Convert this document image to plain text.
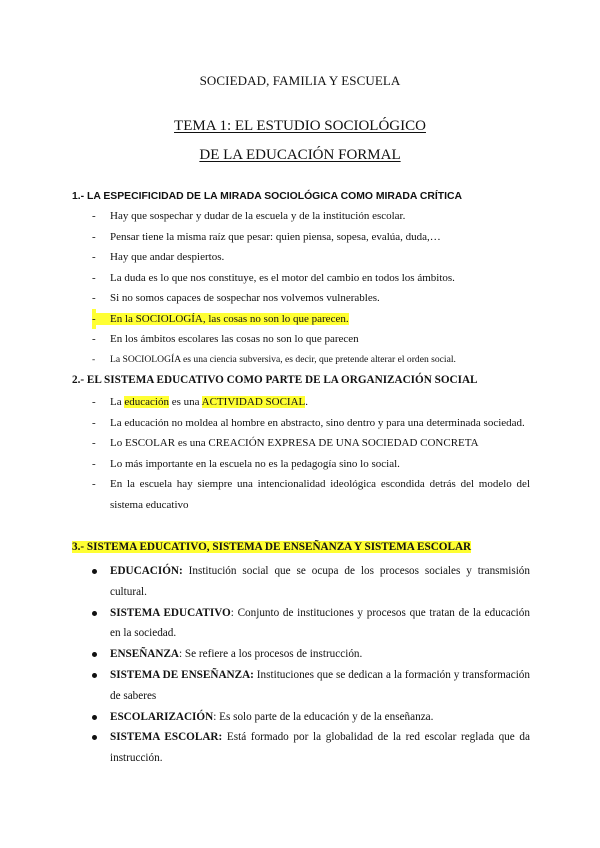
SOCIEDAD, FAMILIA Y ESCUELA
TEMA 1: EL ESTUDIO SOCIOLÓGICO
DE LA EDUCACIÓN FORMAL
1.- LA ESPECIFICIDAD DE LA MIRADA SOCIOLÓGICA COMO MIRADA CRÍTICA
- Hay que sospechar y dudar de la escuela y de la institución escolar.
- Pensar tiene la misma raíz que pesar: quien piensa, sopesa, evalúa, duda,…
- Hay que andar despiertos.
- La duda es lo que nos constituye, es el motor del cambio en todos los ámbitos.
- Si no somos capaces de sospechar nos volvemos vulnerables.
- En la SOCIOLOGÍA, las cosas no son lo que parecen.
- En los ámbitos escolares las cosas no son lo que parecen
- La SOCIOLOGÍA es una ciencia subversiva, es decir, que pretende alterar el orden social.
2.- EL SISTEMA EDUCATIVO COMO PARTE DE LA ORGANIZACIÓN SOCIAL
- La educación es una ACTIVIDAD SOCIAL.
- La educación no moldea al hombre en abstracto, sino dentro y para una determinada sociedad.
- Lo ESCOLAR es una CREACIÓN EXPRESA DE UNA SOCIEDAD CONCRETA
- Lo más importante en la escuela no es la pedagogía sino lo social.
- En la escuela hay siempre una intencionalidad ideológica escondida detrás del modelo del sistema educativo
3.- SISTEMA EDUCATIVO, SISTEMA DE ENSEÑANZA Y SISTEMA ESCOLAR
EDUCACIÓN: Institución social que se ocupa de los procesos sociales y transmisión cultural.
SISTEMA EDUCATIVO: Conjunto de instituciones y procesos que tratan de la educación en la sociedad.
ENSEÑANZA: Se refiere a los procesos de instrucción.
SISTEMA DE ENSEÑANZA: Instituciones que se dedican a la formación y transformación de saberes
ESCOLARIZACIÓN: Es solo parte de la educación y de la enseñanza.
SISTEMA ESCOLAR: Está formado por la globalidad de la red escolar reglada que da instrucción.
